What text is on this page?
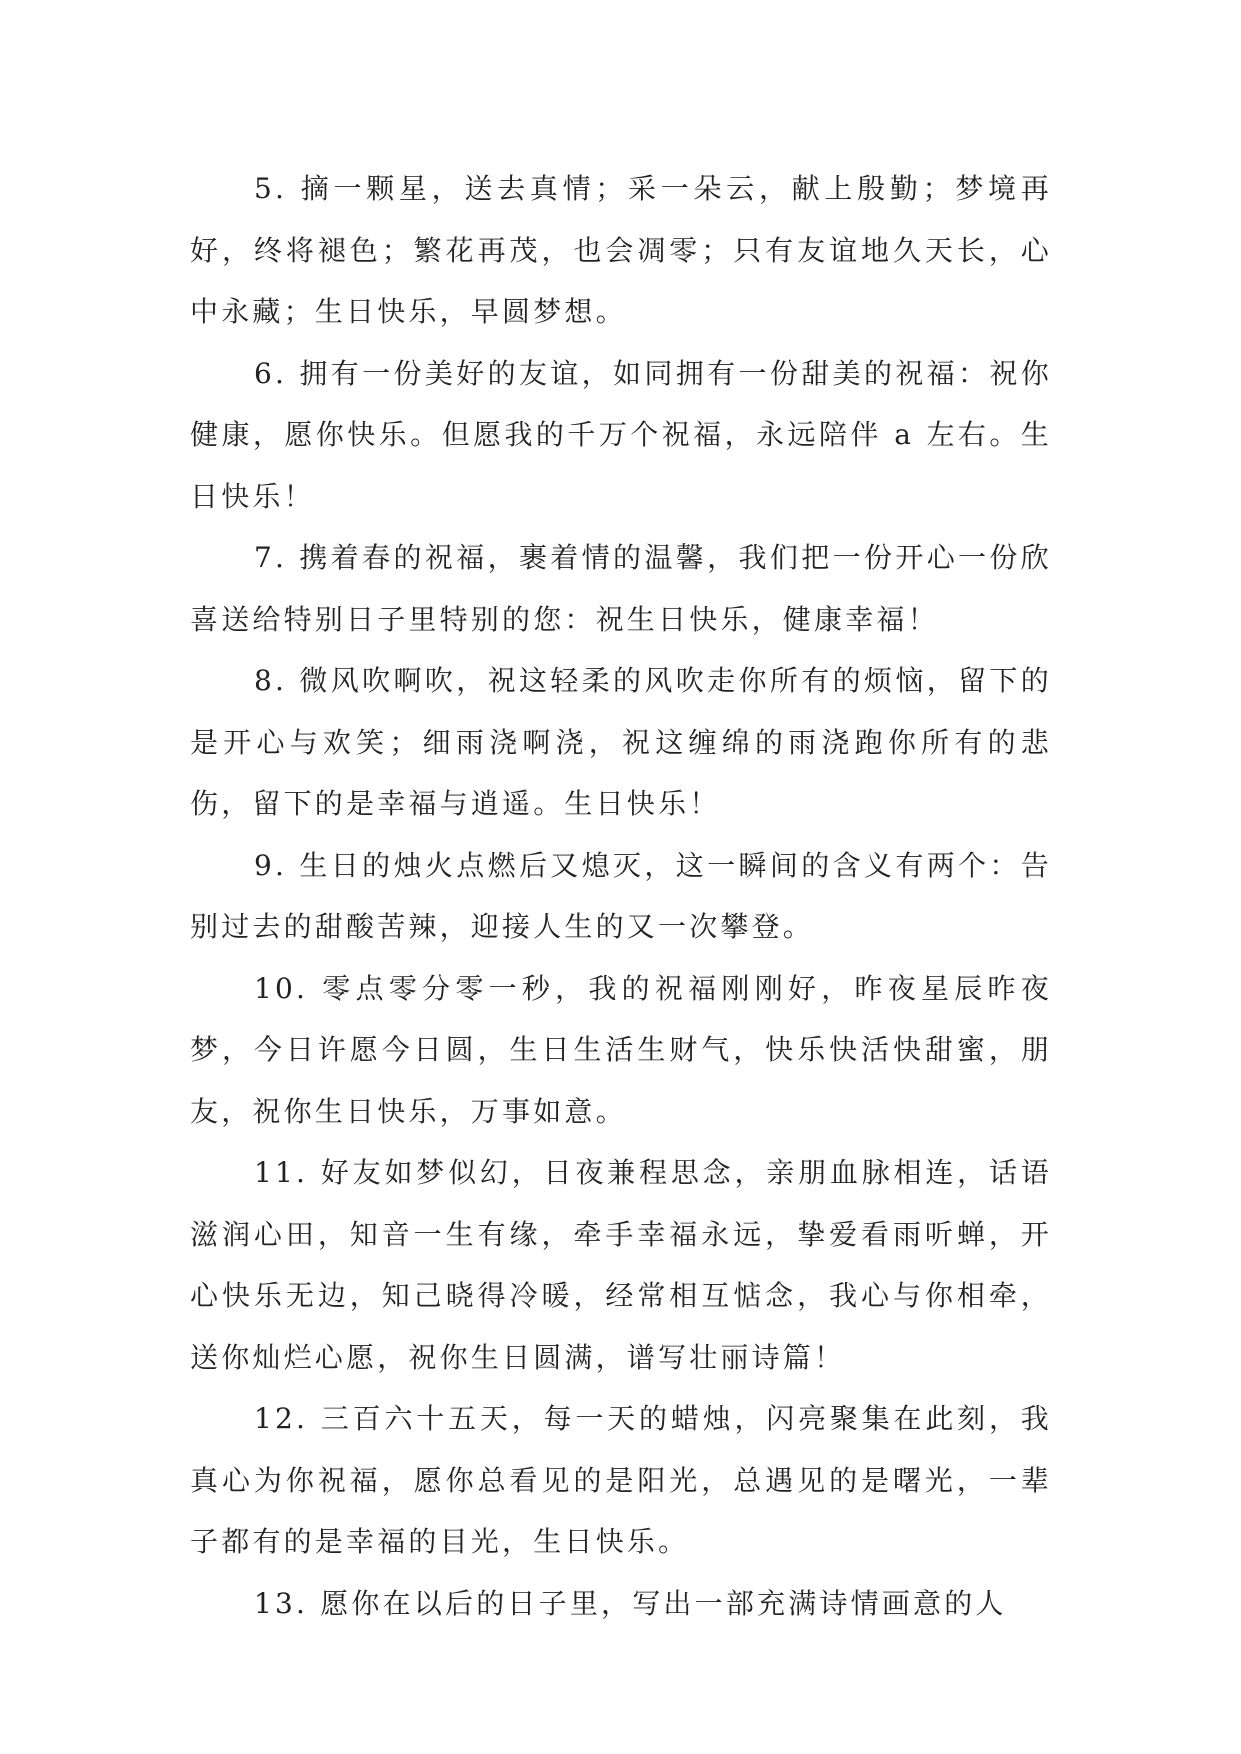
5. 摘一颗星，送去真情；采一朵云，献上殷勤；梦境再好，终将褪色；繁花再茂，也会凋零；只有友谊地久天长，心中永藏；生日快乐，早圆梦想。

6. 拥有一份美好的友谊，如同拥有一份甜美的祝福：祝你健康，愿你快乐。但愿我的千万个祝福，永远陪伴 a 左右。生日快乐！

7. 携着春的祝福，裹着情的温馨，我们把一份开心一份欣喜送给特别日子里特别的您：祝生日快乐，健康幸福！

8. 微风吹啊吹，祝这轻柔的风吹走你所有的烦恼，留下的是开心与欢笑；细雨浇啊浇，祝这缠绵的雨浇跑你所有的悲伤，留下的是幸福与逍遥。生日快乐！

9. 生日的烛火点燃后又熄灭，这一瞬间的含义有两个：告别过去的甜酸苦辣，迎接人生的又一次攀登。

10. 零点零分零一秒，我的祝福刚刚好，昨夜星辰昨夜梦，今日许愿今日圆，生日生活生财气，快乐快活快甜蜜，朋友，祝你生日快乐，万事如意。

11. 好友如梦似幻，日夜兼程思念，亲朋血脉相连，话语滋润心田，知音一生有缘，牵手幸福永远，挚爱看雨听蝉，开心快乐无边，知己晓得冷暖，经常相互惦念，我心与你相牵，送你灿烂心愿，祝你生日圆满，谱写壮丽诗篇！

12. 三百六十五天，每一天的蜡烛，闪亮聚集在此刻，我真心为你祝福，愿你总看见的是阳光，总遇见的是曙光，一辈子都有的是幸福的目光，生日快乐。

13. 愿你在以后的日子里，写出一部充满诗情画意的人
